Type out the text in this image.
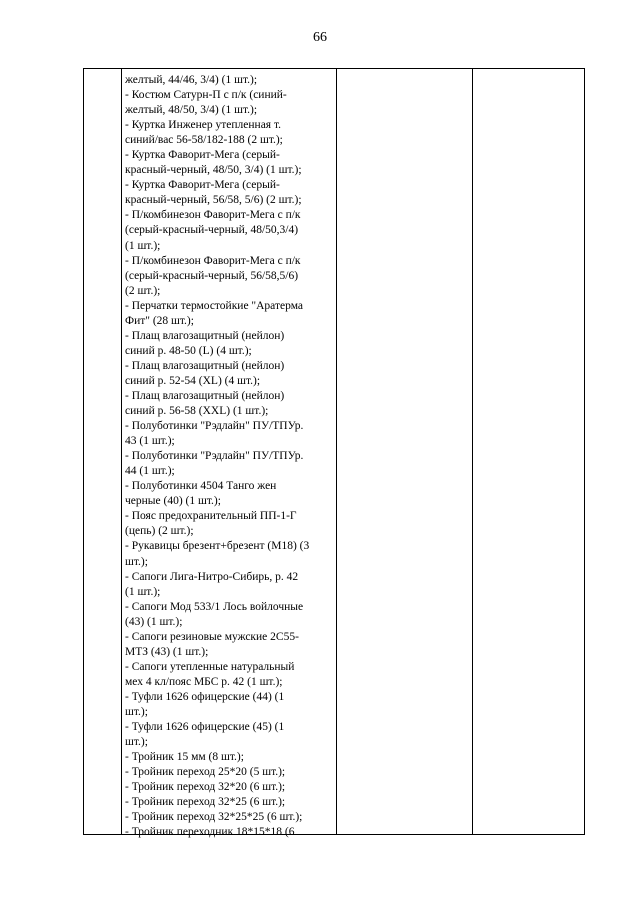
66
желтый, 44/46, 3/4) (1 шт.);
- Костюм Сатурн-П с п/к (синий-
желтый, 48/50, 3/4) (1 шт.);
- Куртка Инженер утепленная т.
синий/вас 56-58/182-188 (2 шт.);
- Куртка Фаворит-Мега (серый-
красный-черный, 48/50, 3/4) (1 шт.);
- Куртка Фаворит-Мега (серый-
красный-черный, 56/58, 5/6) (2 шт.);
- П/комбинезон Фаворит-Мега с п/к
(серый-красный-черный, 48/50,3/4)
(1 шт.);
- П/комбинезон Фаворит-Мега с п/к
(серый-красный-черный, 56/58,5/6)
(2 шт.);
- Перчатки термостойкие "Аратерма
Фит" (28 шт.);
- Плащ влагозащитный (нейлон)
синий р. 48-50 (L) (4 шт.);
- Плащ влагозащитный (нейлон)
синий р. 52-54 (XL) (4 шт.);
- Плащ влагозащитный (нейлон)
синий р. 56-58 (XXL) (1 шт.);
- Полуботинки "Рэдлайн" ПУ/ТПУр.
43 (1 шт.);
- Полуботинки "Рэдлайн" ПУ/ТПУр.
44 (1 шт.);
- Полуботинки 4504 Танго жен
черные (40) (1 шт.);
- Пояс предохранительный ПП-1-Г
(цепь) (2 шт.);
- Рукавицы брезент+брезент (М18) (3
шт.);
- Сапоги Лига-Нитро-Сибирь, р. 42
(1 шт.);
- Сапоги Мод 533/1 Лось войлочные
(43) (1 шт.);
- Сапоги резиновые мужские 2С55-
МТЗ (43) (1 шт.);
- Сапоги утепленные натуральный
мех 4 кл/пояс МБС р. 42 (1 шт.);
- Туфли 1626 офицерские (44) (1
шт.);
- Туфли 1626 офицерские (45) (1
шт.);
- Тройник 15 мм (8 шт.);
- Тройник переход 25*20 (5 шт.);
- Тройник переход 32*20 (6 шт.);
- Тройник переход 32*25 (6 шт.);
- Тройник переход 32*25*25 (6 шт.);
- Тройник переходник 18*15*18 (6
